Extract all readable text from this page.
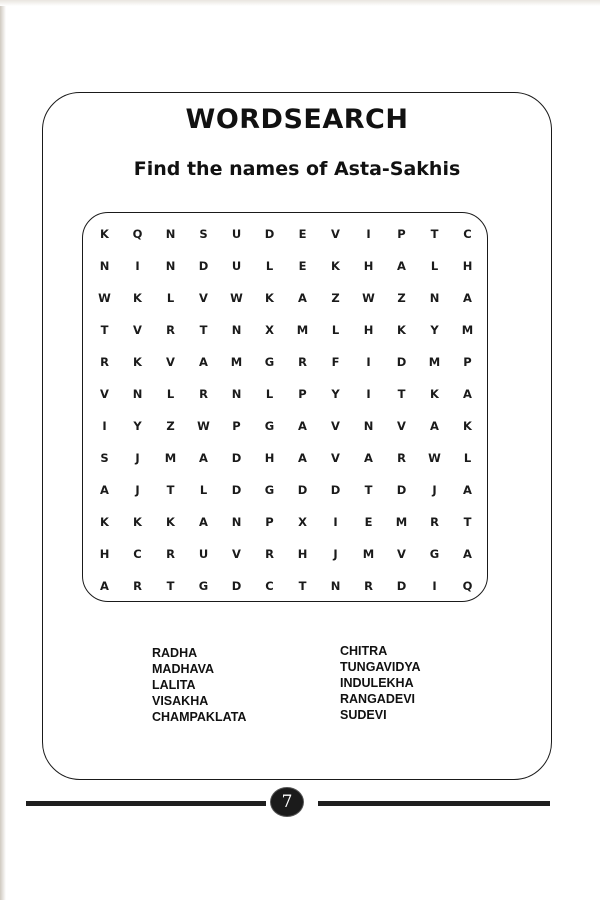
WORDSEARCH
Find the names of Asta-Sakhis
K	Q	N	S	U	D	E	V	I	P	T	C
N	I	N	D	U	L	E	K	H	A	L	H
W	K	L	V	W	K	A	Z	W	Z	N	A
T	V	R	T	N	X	M	L	H	K	Y	M
R	K	V	A	M	G	R	F	I	D	M	P
V	N	L	R	N	L	P	Y	I	T	K	A
I	Y	Z	W	P	G	A	V	N	V	A	K
S	J	M	A	D	H	A	V	A	R	W	L
A	J	T	L	D	G	D	D	T	D	J	A
K	K	K	A	N	P	X	I	E	M	R	T
H	C	R	U	V	R	H	J	M	V	G	A
A	R	T	G	D	C	T	N	R	D	I	Q
RADHA
MADHAVA
LALITA
VISAKHA
CHAMPAKLATA
CHITRA
TUNGAVIDYA
INDULEKHA
RANGADEVI
SUDEVI
7
